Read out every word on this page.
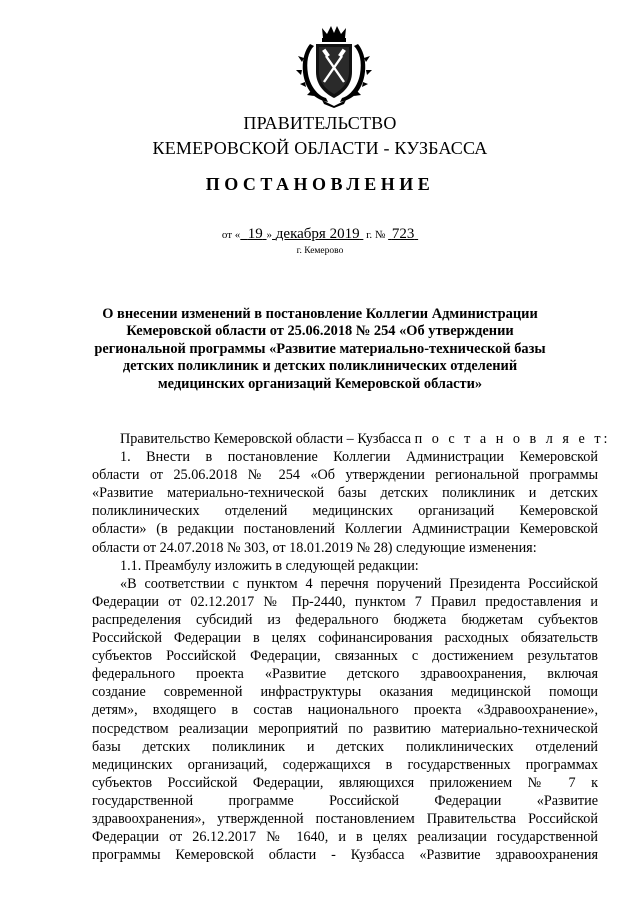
ПРАВИТЕЛЬСТВО
КЕМЕРОВСКОЙ ОБЛАСТИ - КУЗБАССА
ПОСТАНОВЛЕНИЕ
от « 19 » декабря 2019 г. № 723
г. Кемерово
О внесении изменений в постановление Коллегии Администрации
Кемеровской области от 25.06.2018 № 254 «Об утверждении
региональной программы «Развитие материально-технической базы
детских поликлиник и детских поликлинических отделений
медицинских организаций Кемеровской области»
Правительство Кемеровской области – Кузбасса п о с т а н о в л я е т:
1. Внести в постановление Коллегии Администрации Кемеровской
области от 25.06.2018 № 254 «Об утверждении региональной программы
«Развитие материально-технической базы детских поликлиник и детских
поликлинических отделений медицинских организаций Кемеровской
области» (в редакции постановлений Коллегии Администрации Кемеровской
области от 24.07.2018 № 303, от 18.01.2019 № 28) следующие изменения:
1.1. Преамбулу изложить в следующей редакции:
«В соответствии с пунктом 4 перечня поручений Президента Российской
Федерации от 02.12.2017 № Пр-2440, пунктом 7 Правил предоставления и
распределения субсидий из федерального бюджета бюджетам субъектов
Российской Федерации в целях софинансирования расходных обязательств
субъектов Российской Федерации, связанных с достижением результатов
федерального проекта «Развитие детского здравоохранения, включая
создание современной инфраструктуры оказания медицинской помощи
детям», входящего в состав национального проекта «Здравоохранение»,
посредством реализации мероприятий по развитию материально-технической
базы детских поликлиник и детских поликлинических отделений
медицинских организаций, содержащихся в государственных программах
субъектов Российской Федерации, являющихся приложением № 7 к
государственной программе Российской Федерации «Развитие
здравоохранения», утвержденной постановлением Правительства Российской
Федерации от 26.12.2017 № 1640, и в целях реализации государственной
программы Кемеровской области - Кузбасса «Развитие здравоохранения
